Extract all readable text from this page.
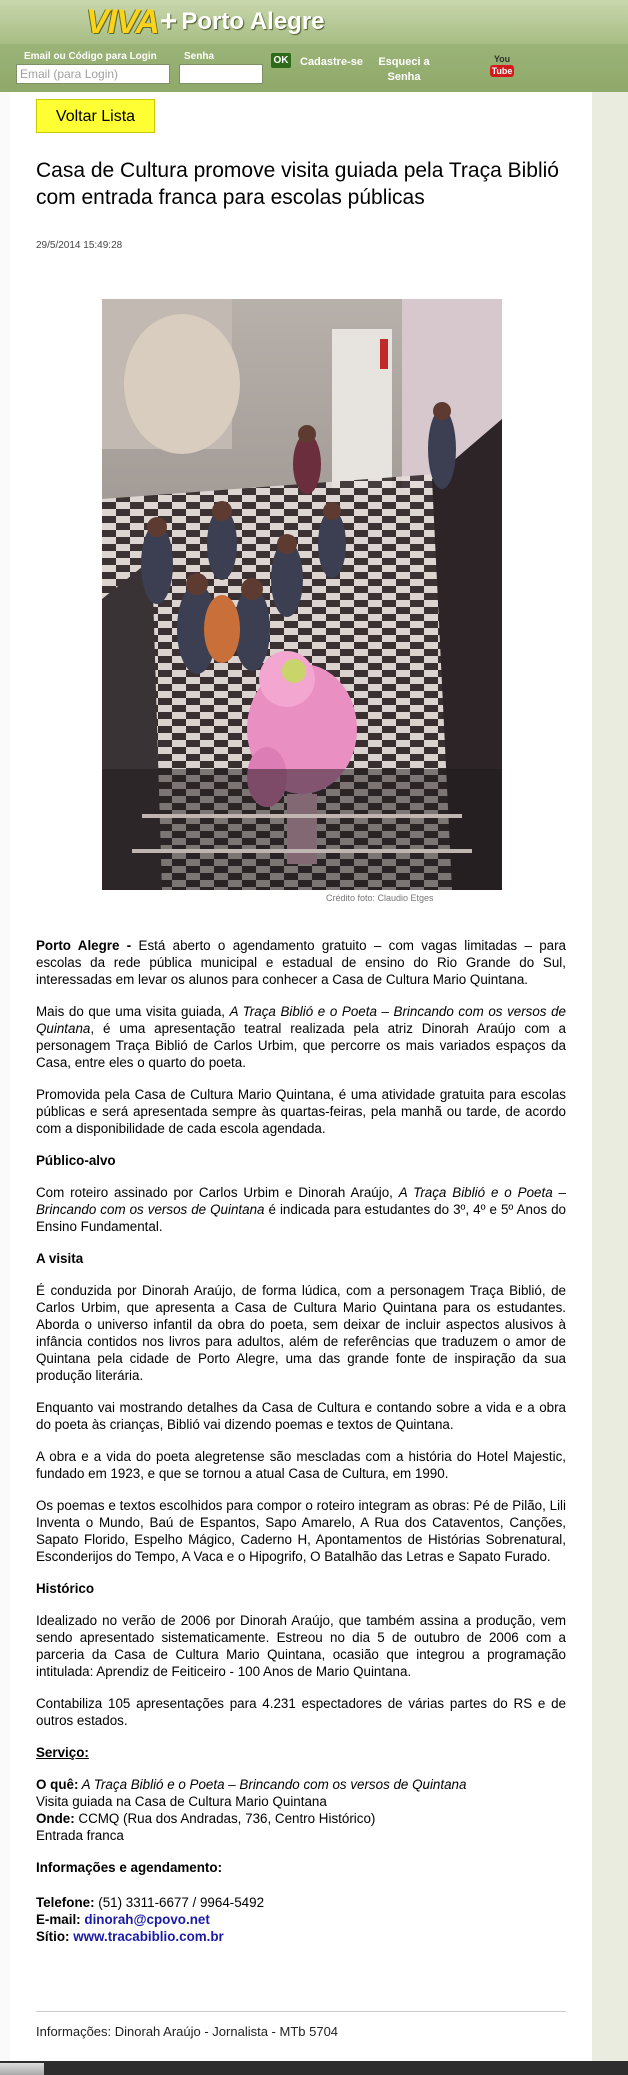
VIVA + Porto Alegre
Email ou Código para Login
Email (para Login)	Senha	OK Cadastre-se	Esqueci a
Senha
You
Tube
Voltar Lista
Casa de Cultura promove visita guiada pela Traça Biblió com entrada franca para escolas públicas
29/5/2014 15:49:28
Crédito foto: Claudio Etges

Porto Alegre - Está aberto o agendamento gratuito – com vagas limitadas – para escolas da rede pública municipal e estadual de ensino do Rio Grande do Sul, interessadas em levar os alunos para conhecer a Casa de Cultura Mario Quintana.

Mais do que uma visita guiada, A Traça Biblió e o Poeta – Brincando com os versos de Quintana, é uma apresentação teatral realizada pela atriz Dinorah Araújo com a personagem Traça Biblió de Carlos Urbim, que percorre os mais variados espaços da Casa, entre eles o quarto do poeta.

Promovida pela Casa de Cultura Mario Quintana, é uma atividade gratuita para escolas públicas e será apresentada sempre às quartas-feiras, pela manhã ou tarde, de acordo com a disponibilidade de cada escola agendada.

Público-alvo

Com roteiro assinado por Carlos Urbim e Dinorah Araújo, A Traça Biblió e o Poeta – Brincando com os versos de Quintana é indicada para estudantes do 3º, 4º e 5º Anos do Ensino Fundamental.

A visita

É conduzida por Dinorah Araújo, de forma lúdica, com a personagem Traça Biblió, de Carlos Urbim, que apresenta a Casa de Cultura Mario Quintana para os estudantes. Aborda o universo infantil da obra do poeta, sem deixar de incluir aspectos alusivos à infância contidos nos livros para adultos, além de referências que traduzem o amor de Quintana pela cidade de Porto Alegre, uma das grande fonte de inspiração da sua produção literária.

Enquanto vai mostrando detalhes da Casa de Cultura e contando sobre a vida e a obra do poeta às crianças, Biblió vai dizendo poemas e textos de Quintana.

A obra e a vida do poeta alegretense são mescladas com a história do Hotel Majestic, fundado em 1923, e que se tornou a atual Casa de Cultura, em 1990.

Os poemas e textos escolhidos para compor o roteiro integram as obras: Pé de Pilão, Lili Inventa o Mundo, Baú de Espantos, Sapo Amarelo, A Rua dos Cataventos, Canções, Sapato Florido, Espelho Mágico, Caderno H, Apontamentos de Histórias Sobrenatural, Esconderijos do Tempo, A Vaca e o Hipogrifo, O Batalhão das Letras e Sapato Furado.

Histórico

Idealizado no verão de 2006 por Dinorah Araújo, que também assina a produção, vem sendo apresentado sistematicamente. Estreou no dia 5 de outubro de 2006 com a parceria da Casa de Cultura Mario Quintana, ocasião que integrou a programação intitulada: Aprendiz de Feiticeiro - 100 Anos de Mario Quintana.

Contabiliza 105 apresentações para 4.231 espectadores de várias partes do RS e de outros estados.

Serviço:

O quê: A Traça Biblió e o Poeta – Brincando com os versos de Quintana

Visita guiada na Casa de Cultura Mario Quintana

Onde: CCMQ (Rua dos Andradas, 736, Centro Histórico)

Entrada franca

Informações e agendamento:

Telefone: (51) 3311-6677 / 9964-5492

E-mail: dinorah@cpovo.net

Sítio: www.tracabiblio.com.br

Informações: Dinorah Araújo - Jornalista - MTb 5704
